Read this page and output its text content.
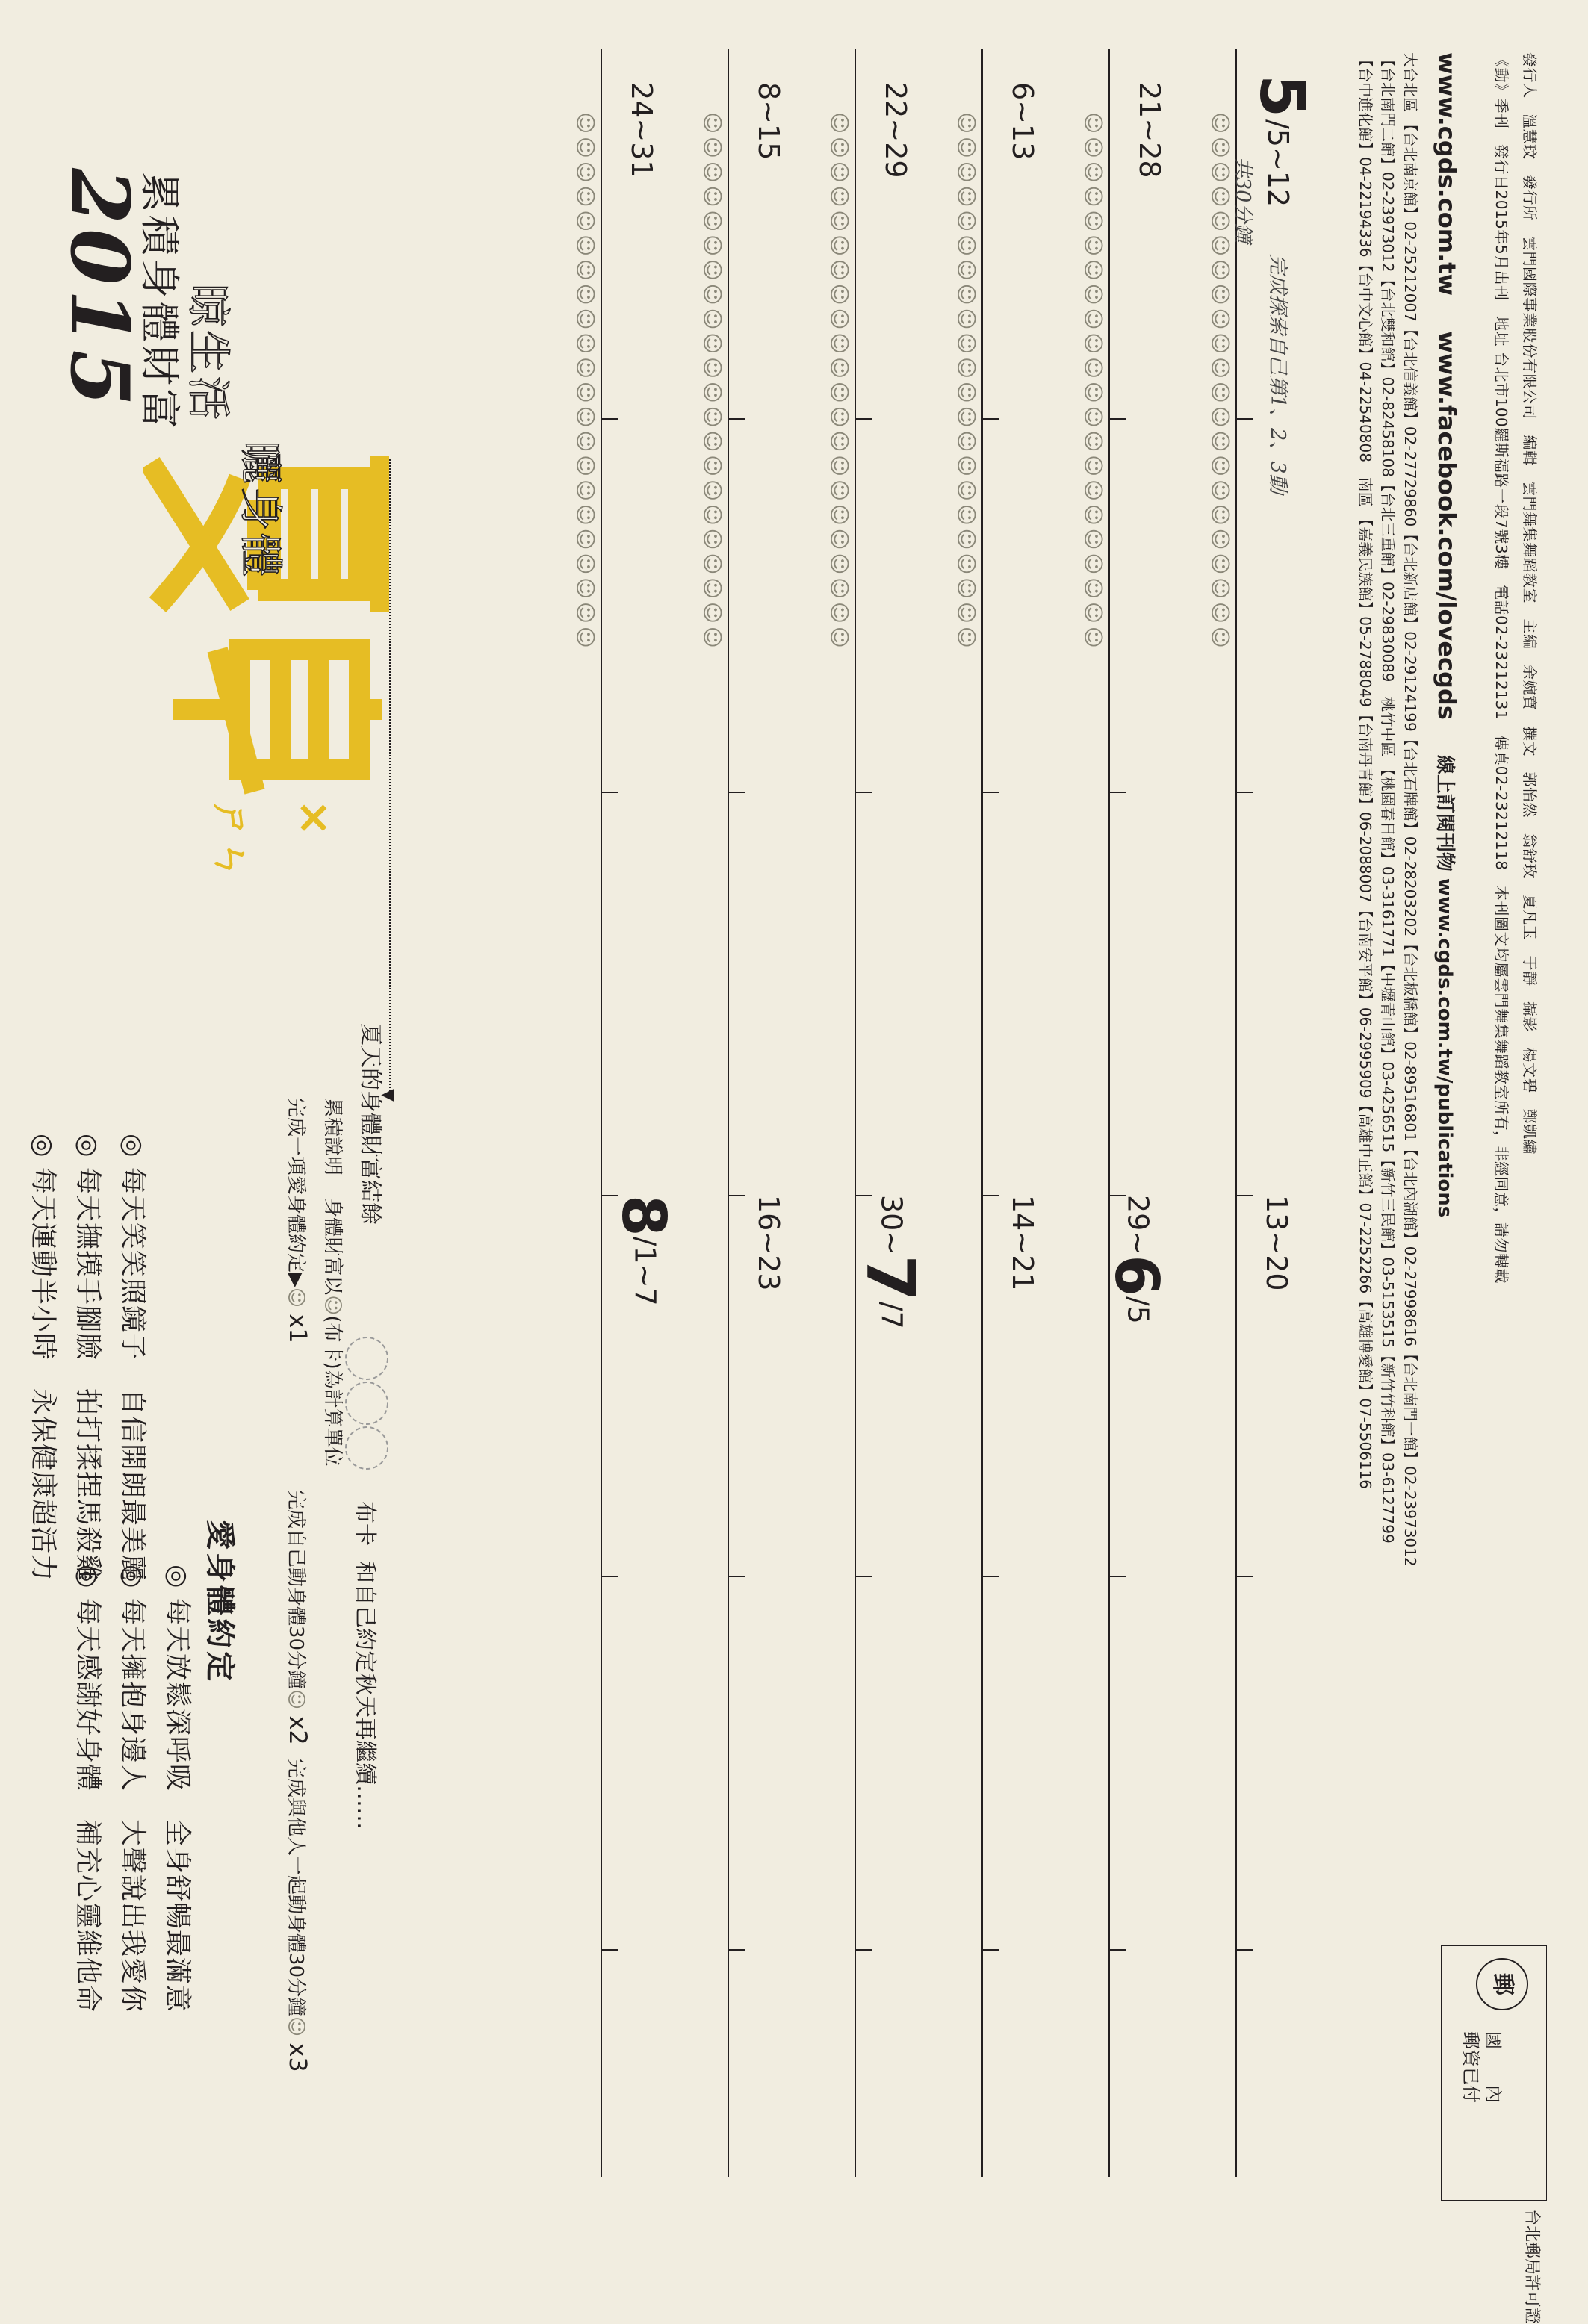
發行人　溫慧玟　發行所　雲門國際事業股份有限公司　編輯　雲門舞集舞蹈教室　主編　余婉寶　撰文　郭怡然　翁舒玫　夏凡玉　于靜　攝影　楊文碧　鄭凱繡
《動》季刊　發行日2015年5月出刊　地址 台北市100羅斯福路一段7號3樓　電話02-23212131　傳真02-23212118　本刊圖文均屬雲門舞集舞蹈教室所有，非經同意，請勿轉載
www.cgds.com.tw www.facebook.com/lovecgds 線上訂閱刊物 www.cgds.com.tw/publications
大台北區 【台北南京館】02-25212007【台北信義館】02-27729860【台北新店館】02-29124199【台北石牌館】02-28203202【台北板橋館】02-89516801【台北內湖館】02-27998616【台北南門一館】02-23973012
郵
國　　內
郵資已付
台北郵局許可證
☺☺☺☺☺☺☺☺☺☺☺☺☺☺☺☺☺☺☺☺☺☺
☺☺☺☺☺☺☺☺☺☺☺☺☺☺☺☺☺☺☺☺☺☺
☺☺☺☺☺☺☺☺☺☺☺☺☺☺☺☺☺☺☺☺☺☺
☺☺☺☺☺☺☺☺☺☺☺☺☺☺☺☺☺☺☺☺☺☺
☺☺☺☺☺☺☺☺☺☺☺☺☺☺☺☺☺☺☺☺☺☺
☺☺☺☺☺☺☺☺☺☺☺☺☺☺☺☺☺☺☺☺☺☺
5
/5~12
完成探索自己第1、2、3動
共30分鐘
13~20
21~28
29~6/5
6~13
14~21
22~29
30~7/7
8~15
16~23
24~31
8/1~7
夏天的身體財富結餘
布卡
和自己約定秋天再繼續……
累積說明 身體財富以☺(布卡)為計算單位
完成一項愛身體約定▶☺ x1
完成自己動身體30分鐘☺ x2
完成與他人一起動身體30分鐘☺ x3
愛身體約定
◎ 每天放鬆深呼吸　全身舒暢最滿意
◎ 每天笑笑照鏡子　自信開朗最美麗
◎ 每天擁抱身邊人　大聲說出我愛你
◎ 每天撫摸手腳臉　拍打揉捏馬殺雞
◎ 每天感謝好身體　補充心靈維他命
◎ 每天運動半小時　永保健康超活力
▼
×
ㄕㄣ
曬身體
晾生活
累積身體財富
2015	【台北南門二館】02-23973012【台北雙和館】02-82458108【台北三重館】02-29830089　桃竹中區 【桃園春日館】03-3161771【中壢青山館】03-4256515【新竹三民館】03-5153515【新竹竹科館】03-6127799
【台中進化館】04-22194336【台中文心館】04-22540808　南區 【嘉義民族館】05-2788049【台南丹青館】06-2088007【台南安平館】06-2995909【高雄中正館】07-2252266【高雄博愛館】07-5506116
